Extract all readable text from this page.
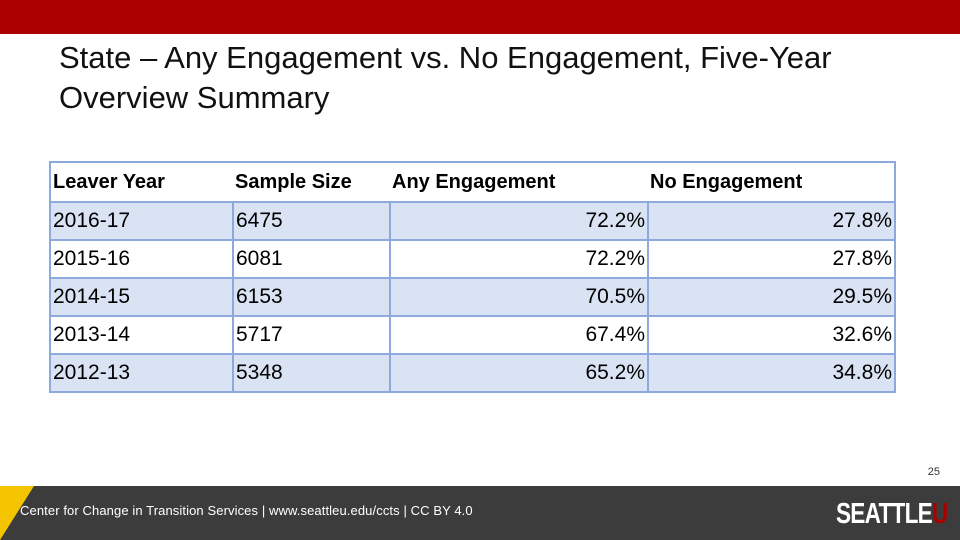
State – Any Engagement vs. No Engagement, Five-Year Overview Summary
Leaver Year	Sample Size	Any Engagement	No Engagement
2016-17	6475	72.2%	27.8%
2015-16	6081	72.2%	27.8%
2014-15	6153	70.5%	29.5%
2013-14	5717	67.4%	32.6%
2012-13	5348	65.2%	34.8%
25
Center for Change in Transition Services | www.seattleu.edu/ccts | CC BY 4.0	SEATTLEU
